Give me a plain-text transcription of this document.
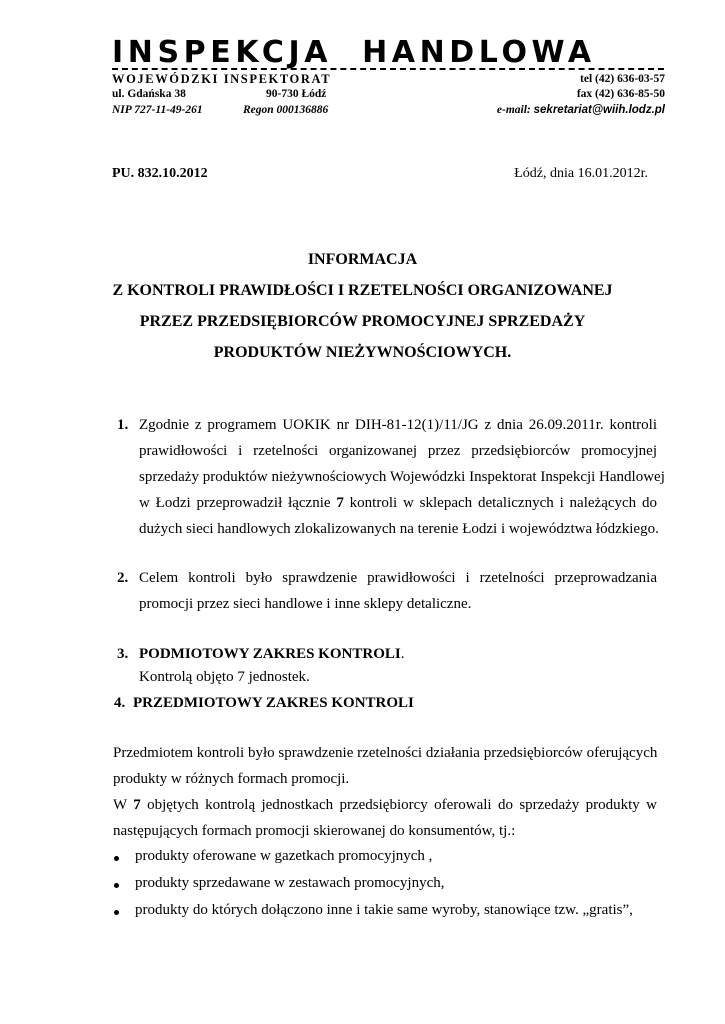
INSPEKCJA HANDLOWA
WOJEWÓDZKI INSPEKTORAT
ul. Gdańska 38	90-730 Łódź
NIP 727-11-49-261	Regon 000136886
tel (42) 636-03-57
fax (42) 636-85-50
e-mail: sekretariat@wiih.lodz.pl
PU. 832.10.2012	Łódź, dnia 16.01.2012r.
INFORMACJA
Z KONTROLI PRAWIDŁOŚCI I RZETELNOŚCI ORGANIZOWANEJ
PRZEZ PRZEDSIĘBIORCÓW PROMOCYJNEJ SPRZEDAŻY
PRODUKTÓW NIEŻYWNOŚCIOWYCH.
1. Zgodnie z programem UOKIK nr DIH-81-12(1)/11/JG z dnia 26.09.2011r. kontroli
prawidłowości i rzetelności organizowanej przez przedsiębiorców promocyjnej
sprzedaży produktów nieżywnościowych Wojewódzki Inspektorat Inspekcji Handlowej
w Łodzi przeprowadził łącznie 7 kontroli w sklepach detalicznych i należących do
dużych sieci handlowych zlokalizowanych na terenie Łodzi i województwa łódzkiego.
2. Celem kontroli było sprawdzenie prawidłowości i rzetelności przeprowadzania
promocji przez sieci handlowe i inne sklepy detaliczne.
3. PODMIOTOWY ZAKRES KONTROLI.
Kontrolą objęto 7 jednostek.
4. PRZEDMIOTOWY ZAKRES KONTROLI
Przedmiotem kontroli było sprawdzenie rzetelności działania przedsiębiorców oferujących
produkty w różnych formach promocji.
W 7 objętych kontrolą jednostkach przedsiębiorcy oferowali do sprzedaży produkty w
następujących formach promocji skierowanej do konsumentów, tj.:
produkty oferowane w gazetkach promocyjnych ,
produkty sprzedawane w zestawach promocyjnych,
produkty do których dołączono inne i takie same wyroby, stanowiące tzw. „gratis”,
